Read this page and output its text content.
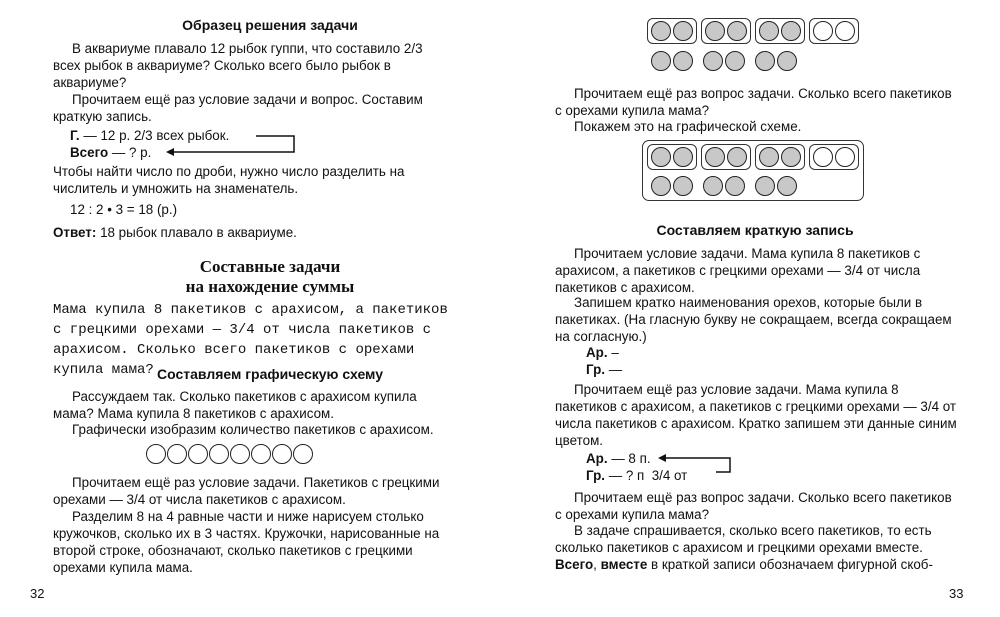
Образец решения задачи

В аквариуме плавало 12 рыбок гуппи, что составило 2/3 всех рыбок в аквариуме? Сколько всего было рыбок в аквариуме?

Прочитаем ещё раз условие задачи и вопрос. Составим краткую запись.

Г. — 12 р. 2/3 всех рыбок.
Всего — ? р.

Чтобы найти число по дроби, нужно число разделить на числитель и умножить на знаменатель.

12 : 2 • 3 = 18 (р.)

Ответ: 18 рыбок плавало в аквариуме.

Составные задачи

на нахождение суммы

Мама купила 8 пакетиков с арахисом, а пакетиков с грецкими орехами — 3/4 от числа пакетиков с арахисом. Сколько всего пакетиков с орехами купила мама? Составляем графическую схему

Рассуждаем так. Сколько пакетиков с арахисом купила мама? Мама купила 8 пакетиков с арахисом.

Графически изобразим количество пакетиков с арахисом.

Прочитаем ещё раз условие задачи. Пакетиков с грецкими орехами — 3/4 от числа пакетиков с арахисом.

Разделим 8 на 4 равные части и ниже нарисуем столько кружочков, сколько их в 3 частях. Кружочки, нарисованные на второй строке, обозначают, сколько пакетиков с грецкими орехами купила мама.

32

Прочитаем ещё раз вопрос задачи. Сколько всего пакетиков с орехами купила мама?

Покажем это на графической схеме.

Составляем краткую запись

Прочитаем условие задачи. Мама купила 8 пакетиков с арахисом, а пакетиков с грецкими орехами — 3/4 от числа пакетиков с арахисом.

Запишем кратко наименования орехов, которые были в пакетиках. (На гласную букву не сокращаем, всегда сокращаем на согласную.)

Ар. –
Гр. —

Прочитаем ещё раз условие задачи. Мама купила 8 пакетиков с арахисом, а пакетиков с грецкими орехами — 3/4 от числа пакетиков с арахисом. Кратко запишем эти данные синим цветом.

Ар. — 8 п.
Гр. — ? п  3/4 от

Прочитаем ещё раз вопрос задачи. Сколько всего пакетиков с орехами купила мама?

В задаче спрашивается, сколько всего пакетиков, то есть сколько пакетиков с арахисом и грецкими орехами вместе.

Всего, вместе в краткой записи обозначаем фигурной скоб-

33
